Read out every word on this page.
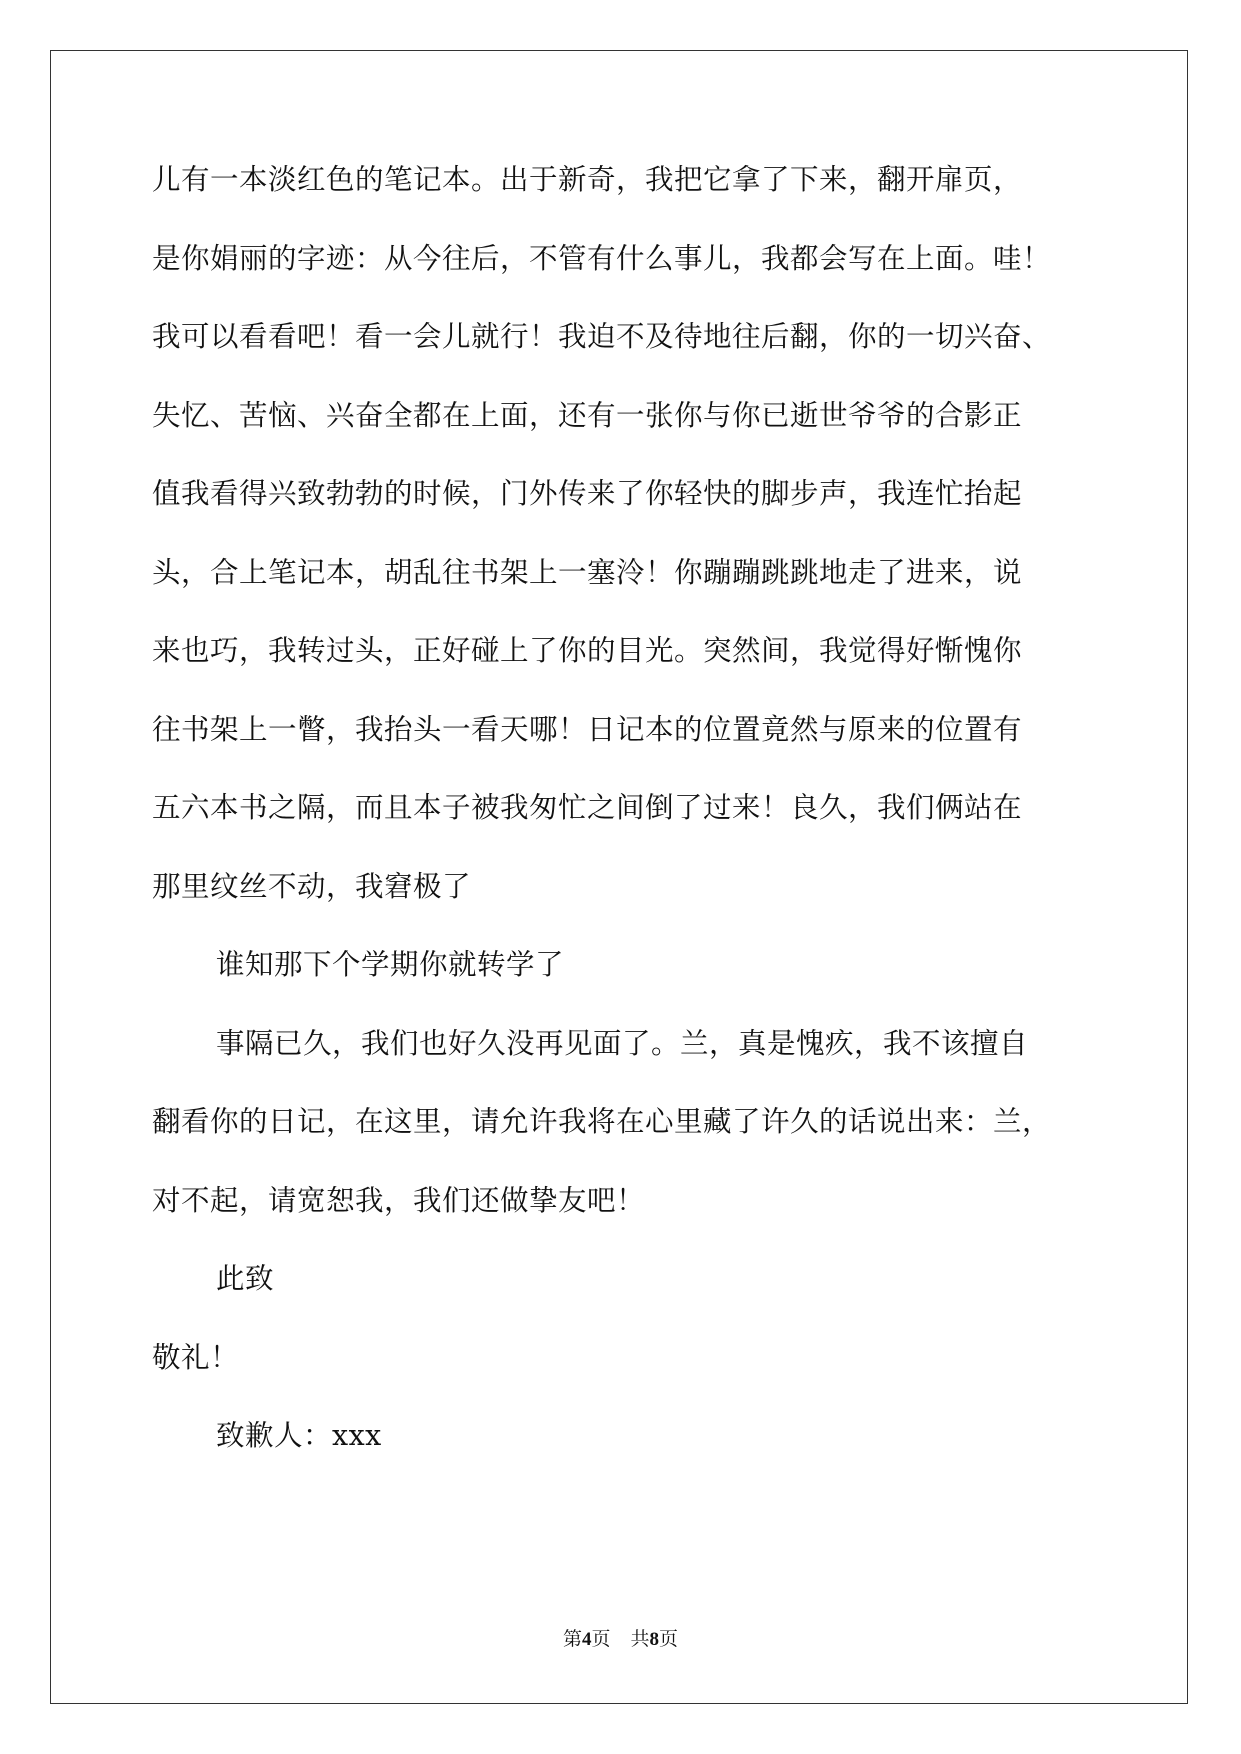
儿有一本淡红色的笔记本。出于新奇，我把它拿了下来，翻开扉页，
是你娟丽的字迹：从今往后，不管有什么事儿，我都会写在上面。哇！
我可以看看吧！看一会儿就行！我迫不及待地往后翻，你的一切兴奋、
失忆、苦恼、兴奋全都在上面，还有一张你与你已逝世爷爷的合影正
值我看得兴致勃勃的时候，门外传来了你轻快的脚步声，我连忙抬起
头，合上笔记本，胡乱往书架上一塞泠！你蹦蹦跳跳地走了进来，说
来也巧，我转过头，正好碰上了你的目光。突然间，我觉得好惭愧你
往书架上一瞥，我抬头一看天哪！日记本的位置竟然与原来的位置有
五六本书之隔，而且本子被我匆忙之间倒了过来！良久，我们俩站在
那里纹丝不动，我窘极了
谁知那下个学期你就转学了
事隔已久，我们也好久没再见面了。兰，真是愧疚，我不该擅自
翻看你的日记，在这里，请允许我将在心里藏了许久的话说出来：兰，
对不起，请宽恕我，我们还做挚友吧！
此致
敬礼！
致歉人：xxx
第4页 共8页
